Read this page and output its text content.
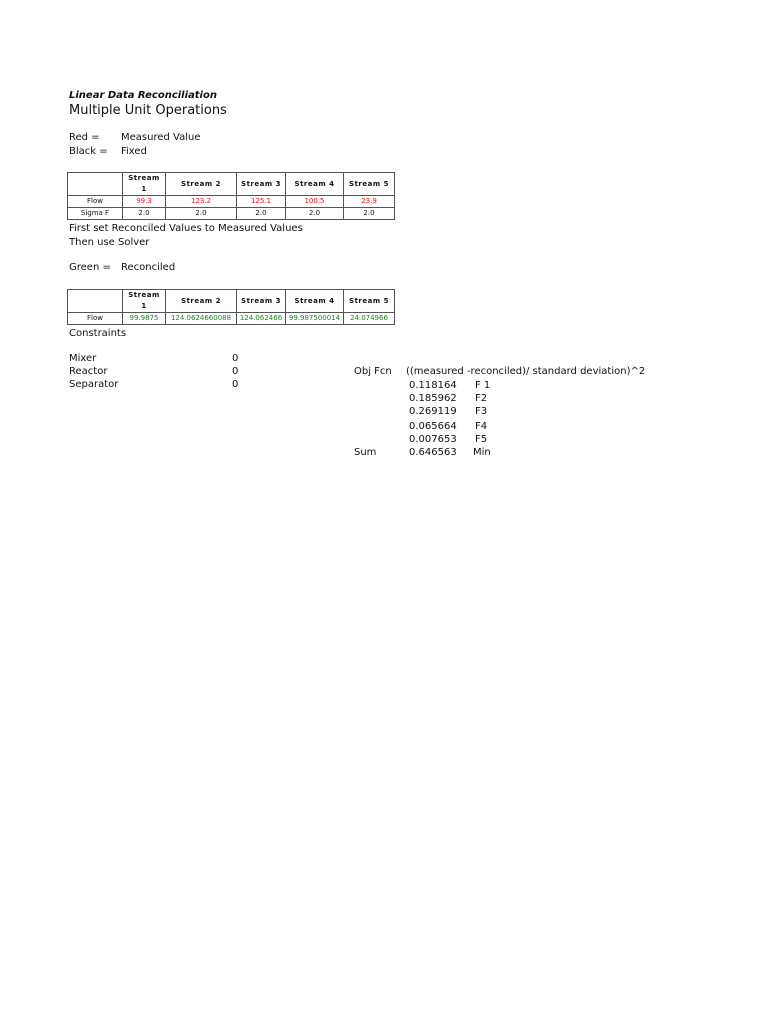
Linear Data Reconciliation
Multiple Unit Operations
Red = Measured Value
Black = Fixed
	Stream 1	Stream 2	Stream 3	Stream 4	Stream 5
Flow	99.3	123.2	125.1	100.5	23.9
Sigma F	2.0	2.0	2.0	2.0	2.0
First set Reconciled Values to Measured Values
Then use Solver
Green = Reconciled
	Stream 1	Stream 2	Stream 3	Stream 4	Stream 5
Flow	99.9875	124.0624660088	124.062466	99.987500014	24.074966
Constraints
Mixer	0
Reactor	0
Separator	0
Obj Fcn ((measured -reconciled)/ standard deviation)^2
0.118164 F 1
0.185962 F2
0.269119 F3
0.065664 F4
0.007653 F5
Sum	0.646563 Min
